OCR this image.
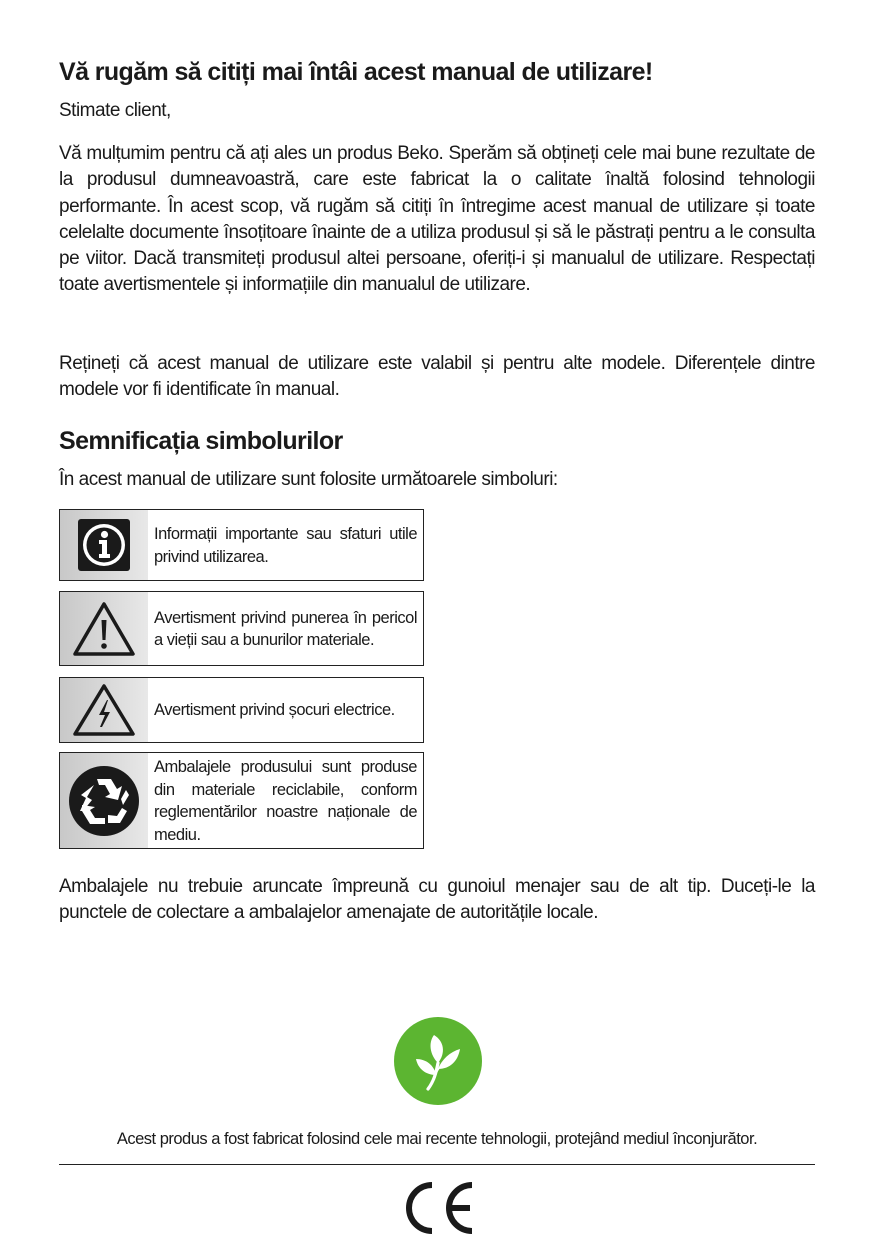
Vă rugăm să citiți mai întâi acest manual de utilizare!

Stimate client,

Vă mulțumim pentru că ați ales un produs Beko. Sperăm să obțineți cele mai bune rezultate de la produsul dumneavoastră, care este fabricat la o calitate înaltă folosind tehnologii performante. În acest scop, vă rugăm să citiți în întregime acest manual de utilizare și toate celelalte documente însoțitoare înainte de a utiliza produsul și să le păstrați pentru a le consulta pe viitor. Dacă transmiteți produsul altei persoane, oferiți-i și manualul de utilizare. Respectați toate avertismentele și informațiile din manualul de utilizare.

Rețineți că acest manual de utilizare este valabil și pentru alte modele. Diferențele dintre modele vor fi identificate în manual.

Semnificația simbolurilor

În acest manual de utilizare sunt folosite următoarele simboluri:

Informații importante sau sfaturi utile privind utilizarea.
Avertisment privind punerea în pericol a vieții sau a bunurilor materiale.
Avertisment privind șocuri electrice.
Ambalajele produsului sunt produse din materiale reciclabile, conform reglementărilor noastre naționale de mediu.

Ambalajele nu trebuie aruncate împreună cu gunoiul menajer sau de alt tip. Duceți-le la punctele de colectare a ambalajelor amenajate de autoritățile locale.

Acest produs a fost fabricat folosind cele mai recente tehnologii, protejând mediul înconjurător.
